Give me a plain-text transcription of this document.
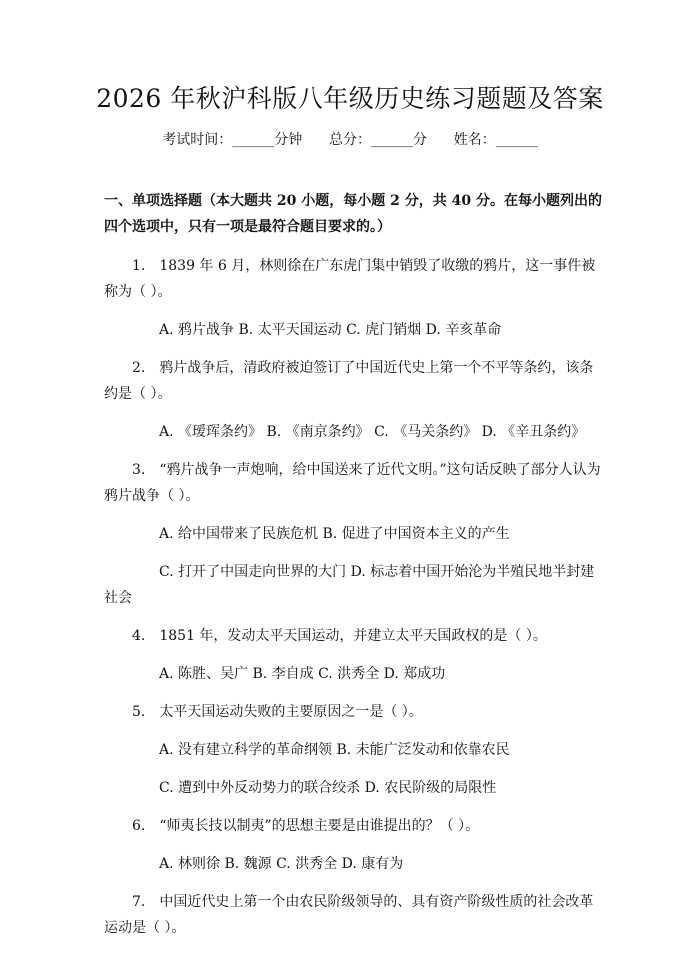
2026 年秋沪科版八年级历史练习题题及答案
考试时间：______分钟      总分：______分      姓名：______

一、单项选择题（本大题共 20 小题，每小题 2 分，共 40 分。在每小题列出的四个选项中，只有一项是最符合题目要求的。）

1.　1839 年 6 月，林则徐在广东虎门集中销毁了收缴的鸦片，这一事件被称为（ ）。

A. 鸦片战争 B. 太平天国运动 C. 虎门销烟 D. 辛亥革命

2.　鸦片战争后，清政府被迫签订了中国近代史上第一个不平等条约，该条约是（ ）。

A. 《瑷珲条约》 B. 《南京条约》 C. 《马关条约》 D. 《辛丑条约》

3.　“鸦片战争一声炮响，给中国送来了近代文明。”这句话反映了部分人认为鸦片战争（ ）。

A. 给中国带来了民族危机 B. 促进了中国资本主义的产生

C. 打开了中国走向世界的大门 D. 标志着中国开始沦为半殖民地半封建社会

4.　1851 年，发动太平天国运动，并建立太平天国政权的是（ ）。

A. 陈胜、吴广 B. 李自成 C. 洪秀全 D. 郑成功

5.　太平天国运动失败的主要原因之一是（ ）。

A. 没有建立科学的革命纲领 B. 未能广泛发动和依靠农民

C. 遭到中外反动势力的联合绞杀 D. 农民阶级的局限性

6.　“师夷长技以制夷”的思想主要是由谁提出的？（ ）。

A. 林则徐 B. 魏源 C. 洪秀全 D. 康有为

7.　中国近代史上第一个由农民阶级领导的、具有资产阶级性质的社会改革运动是（ ）。
